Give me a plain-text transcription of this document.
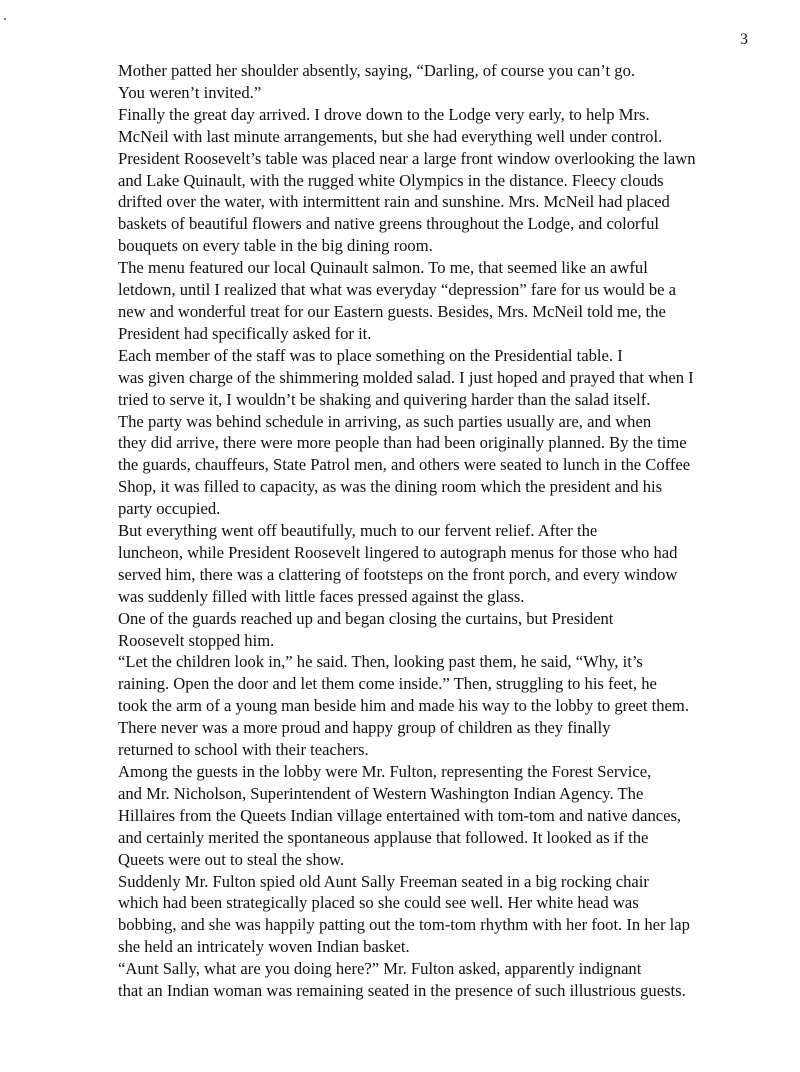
3

Mother patted her shoulder absently, saying, “Darling, of course you can’t go.
You weren’t invited.”

Finally the great day arrived. I drove down to the Lodge very early, to help Mrs.
McNeil with last minute arrangements, but she had everything well under control.
President Roosevelt’s table was placed near a large front window overlooking the lawn
and Lake Quinault, with the rugged white Olympics in the distance. Fleecy clouds
drifted over the water, with intermittent rain and sunshine. Mrs. McNeil had placed
baskets of beautiful flowers and native greens throughout the Lodge, and colorful
bouquets on every table in the big dining room.

The menu featured our local Quinault salmon. To me, that seemed like an awful
letdown, until I realized that what was everyday “depression” fare for us would be a
new and wonderful treat for our Eastern guests. Besides, Mrs. McNeil told me, the
President had specifically asked for it.

Each member of the staff was to place something on the Presidential table. I
was given charge of the shimmering molded salad. I just hoped and prayed that when I
tried to serve it, I wouldn’t be shaking and quivering harder than the salad itself.

The party was behind schedule in arriving, as such parties usually are, and when
they did arrive, there were more people than had been originally planned. By the time
the guards, chauffeurs, State Patrol men, and others were seated to lunch in the Coffee
Shop, it was filled to capacity, as was the dining room which the president and his
party occupied.

But everything went off beautifully, much to our fervent relief. After the
luncheon, while President Roosevelt lingered to autograph menus for those who had
served him, there was a clattering of footsteps on the front porch, and every window
was suddenly filled with little faces pressed against the glass.

One of the guards reached up and began closing the curtains, but President
Roosevelt stopped him.

“Let the children look in,” he said. Then, looking past them, he said, “Why, it’s
raining. Open the door and let them come inside.” Then, struggling to his feet, he
took the arm of a young man beside him and made his way to the lobby to greet them.

There never was a more proud and happy group of children as they finally
returned to school with their teachers.

Among the guests in the lobby were Mr. Fulton, representing the Forest Service,
and Mr. Nicholson, Superintendent of Western Washington Indian Agency. The
Hillaires from the Queets Indian village entertained with tom-tom and native dances,
and certainly merited the spontaneous applause that followed. It looked as if the
Queets were out to steal the show.

Suddenly Mr. Fulton spied old Aunt Sally Freeman seated in a big rocking chair
which had been strategically placed so she could see well. Her white head was
bobbing, and she was happily patting out the tom-tom rhythm with her foot. In her lap
she held an intricately woven Indian basket.

“Aunt Sally, what are you doing here?” Mr. Fulton asked, apparently indignant
that an Indian woman was remaining seated in the presence of such illustrious guests.
